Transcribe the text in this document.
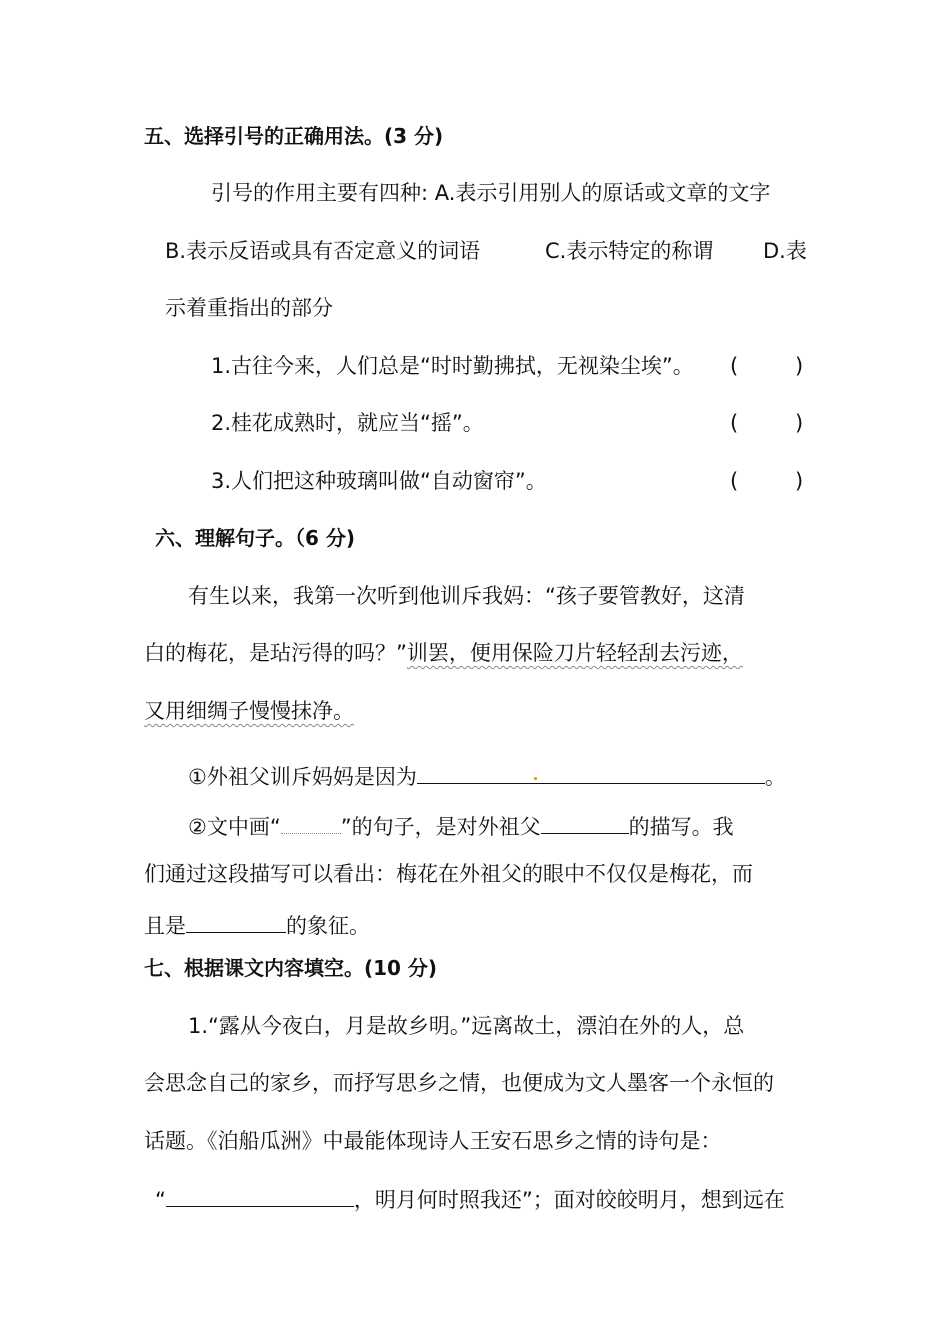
五、选择引号的正确用法。(3 分)
引号的作用主要有四种: A.表示引用别人的原话或文章的文字
B.表示反语或具有否定意义的词语	C.表示特定的称谓 D.表
示着重指出的部分
1.古往今来，人们总是“时时勤拂拭，无视染尘埃”。 (	)
2.桂花成熟时，就应当“摇”。	(	)
3.人们把这种玻璃叫做“自动窗帘”。	(	)
六、理解句子。（6 分)
有生以来，我第一次听到他训斥我妈：“孩子要管教好，这清
白的梅花，是玷污得的吗？”训罢，便用保险刀片轻轻刮去污迹，
又用细绸子慢慢抹净。
①外祖父训斥妈妈是因为	。
②文中画“	”的句子，是对外祖父	的描写。我
们通过这段描写可以看出：梅花在外祖父的眼中不仅仅是梅花，而
且是	的象征。
七、根据课文内容填空。(10 分)
1.“露从今夜白，月是故乡明。”远离故土，漂泊在外的人，总
会思念自己的家乡，而抒写思乡之情，也便成为文人墨客一个永恒的
话题。《泊船瓜洲》中最能体现诗人王安石思乡之情的诗句是：
“	，明月何时照我还”；面对皎皎明月，想到远在
